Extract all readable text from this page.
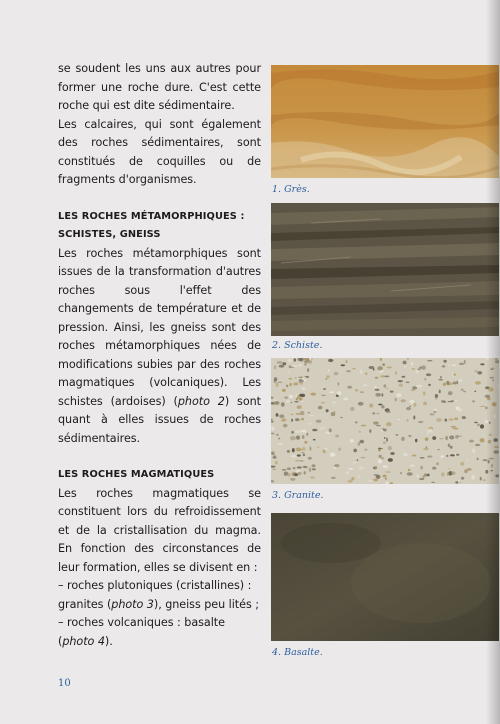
se soudent les uns aux autres pour former une roche dure. C'est cette roche qui est dite sédimentaire.

Les calcaires, qui sont également des roches sédimentaires, sont constitués de coquilles ou de fragments d'organismes.

LES ROCHES MÉTAMORPHIQUES :
SCHISTES, GNEISS

Les roches métamorphiques sont issues de la transformation d'autres roches sous l'effet des changements de température et de pression. Ainsi, les gneiss sont des roches métamorphiques nées de modifications subies par des roches magmatiques (volcaniques). Les schistes (ardoises) (photo 2) sont quant à elles issues de roches sédimentaires.

LES ROCHES MAGMATIQUES

Les roches magmatiques se constituent lors du refroidissement et de la cristallisation du magma. En fonction des circonstances de leur formation, elles se divisent en :

– roches plutoniques (cristallines) : granites (photo 3), gneiss peu lités ;

– roches volcaniques : basalte (photo 4).

1. Grès.
2. Schiste.
3. Granite.
4. Basalte.
10
